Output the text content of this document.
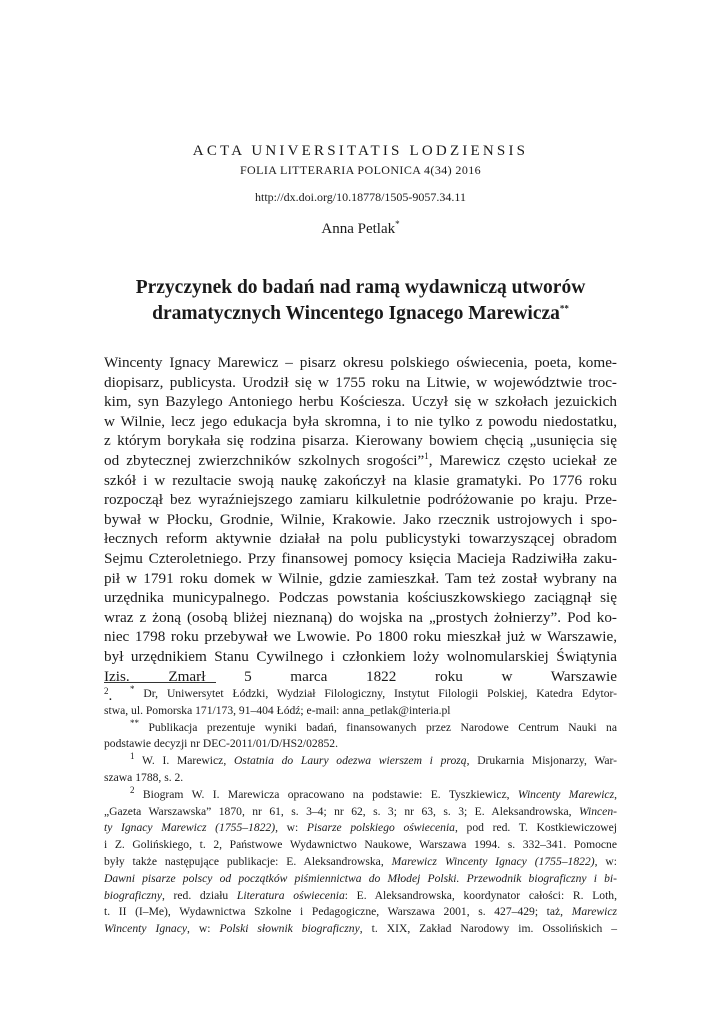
ACTA UNIVERSITATIS LODZIENSIS
FOLIA LITTERARIA POLONICA 4(34) 2016
http://dx.doi.org/10.18778/1505-9057.34.11
Anna Petlak*
Przyczynek do badań nad ramą wydawniczą utworów
dramatycznych Wincentego Ignacego Marewicza**
Wincenty Ignacy Marewicz – pisarz okresu polskiego oświecenia, poeta, kome-
diopisarz, publicysta. Urodził się w 1755 roku na Litwie, w województwie troc-
kim, syn Bazylego Antoniego herbu Kościesza. Uczył się w szkołach jezuickich
w Wilnie, lecz jego edukacja była skromna, i to nie tylko z powodu niedostatku,
z którym borykała się rodzina pisarza. Kierowany bowiem chęcią „usunięcia się
od zbytecznej zwierzchników szkolnych srogości”$^1$, Marewicz często uciekał ze
szkół i w rezultacie swoją naukę zakończył na klasie gramatyki. Po 1776 roku
rozpoczął bez wyraźniejszego zamiaru kilkuletnie podróżowanie po kraju. Prze-
bywał w Płocku, Grodnie, Wilnie, Krakowie. Jako rzecznik ustrojowych i spo-
łecznych reform aktywnie działał na polu publicystyki towarzyszącej obradom
Sejmu Czteroletniego. Przy finansowej pomocy księcia Macieja Radziwiłła zaku-
pił w 1791 roku domek w Wilnie, gdzie zamieszkał. Tam też został wybrany na
urzędnika municypalnego. Podczas powstania kościuszkowskiego zaciągnął się
wraz z żoną (osobą bliżej nieznaną) do wojska na „prostych żołnierzy”. Pod ko-
niec 1798 roku przebywał we Lwowie. Po 1800 roku mieszkał już w Warszawie,
był urzędnikiem Stanu Cywilnego i członkiem loży wolnomularskiej Świątynia
Izis. Zmarł 5 marca 1822 roku w Warszawie
$^2$.	* Dr, Uniwersytet Łódzki, Wydział Filologiczny, Instytut Filologii Polskiej, Katedra Edytor-
stwa, ul. Pomorska 171/173, 91–404 Łódź; e-mail: anna_petlak@interia.pl
** Publikacja prezentuje wyniki badań, finansowanych przez Narodowe Centrum Nauki na
podstawie decyzji nr DEC-2011/01/D/HS2/02852.
$^1$ W. I. Marewicz, Ostatnia do Laury odezwa wierszem i prozą, Drukarnia Misjonarzy, War-
szawa 1788, s. 2.
$^2$ Biogram W. I. Marewicza opracowano na podstawie: E. Tyszkiewicz, Wincenty Marewicz,
„Gazeta Warszawska” 1870, nr 61, s. 3–4; nr 62, s. 3; nr 63, s. 3; E. Aleksandrowska, Wincen-
ty Ignacy Marewicz (1755–1822), w: Pisarze polskiego oświecenia, pod red. T. Kostkiewiczowej
i Z. Golińskiego, t. 2, Państwowe Wydawnictwo Naukowe, Warszawa 1994. s. 332–341. Pomocne
były także następujące publikacje: E. Aleksandrowska, Marewicz Wincenty Ignacy (1755–1822), w:
Dawni pisarze polscy od początków piśmiennictwa do Młodej Polski. Przewodnik biograficzny i bi-
biograficzny, red. działu Literatura oświecenia: E. Aleksandrowska, koordynator całości: R. Loth,
t. II (I–Me), Wydawnictwa Szkolne i Pedagogiczne, Warszawa 2001, s. 427–429; taż, Marewicz
Wincenty Ignacy, w: Polski słownik biograficzny, t. XIX, Zakład Narodowy im. Ossolińskich –
